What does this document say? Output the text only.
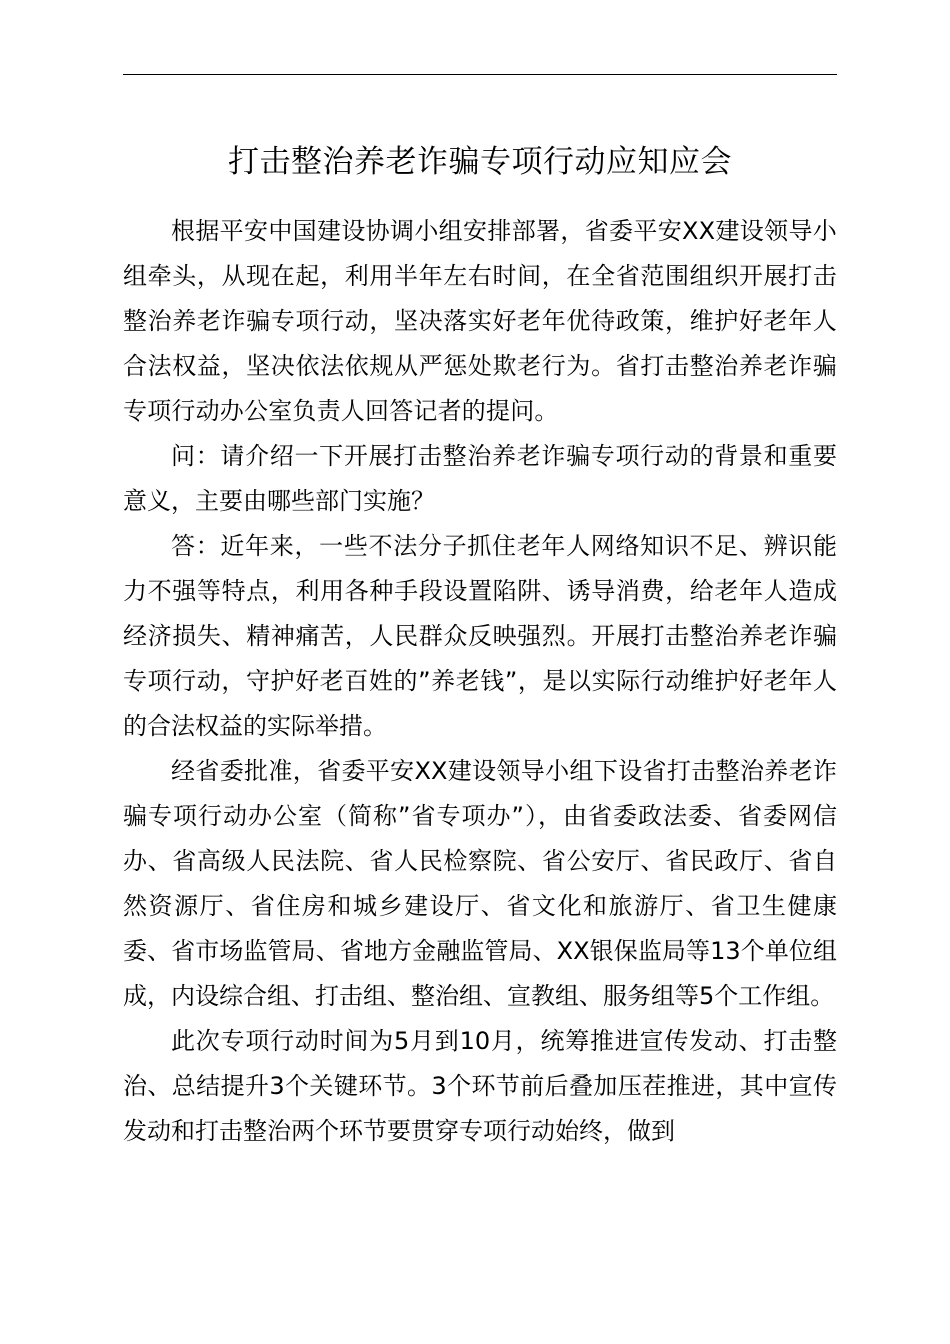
打击整治养老诈骗专项行动应知应会

根据平安中国建设协调小组安排部署，省委平安XX建设领导小组牵头，从现在起，利用半年左右时间，在全省范围组织开展打击整治养老诈骗专项行动，坚决落实好老年优待政策，维护好老年人合法权益，坚决依法依规从严惩处欺老行为。省打击整治养老诈骗专项行动办公室负责人回答记者的提问。

问：请介绍一下开展打击整治养老诈骗专项行动的背景和重要意义，主要由哪些部门实施？

答：近年来，一些不法分子抓住老年人网络知识不足、辨识能力不强等特点，利用各种手段设置陷阱、诱导消费，给老年人造成经济损失、精神痛苦，人民群众反映强烈。开展打击整治养老诈骗专项行动，守护好老百姓的”养老钱”，是以实际行动维护好老年人的合法权益的实际举措。

经省委批准，省委平安XX建设领导小组下设省打击整治养老诈骗专项行动办公室（简称”省专项办”），由省委政法委、省委网信办、省高级人民法院、省人民检察院、省公安厅、省民政厅、省自然资源厅、省住房和城乡建设厅、省文化和旅游厅、省卫生健康委、省市场监管局、省地方金融监管局、XX银保监局等13个单位组成，内设综合组、打击组、整治组、宣教组、服务组等5个工作组。

此次专项行动时间为5月到10月，统筹推进宣传发动、打击整治、总结提升3个关键环节。3个环节前后叠加压茬推进，其中宣传发动和打击整治两个环节要贯穿专项行动始终，做到
